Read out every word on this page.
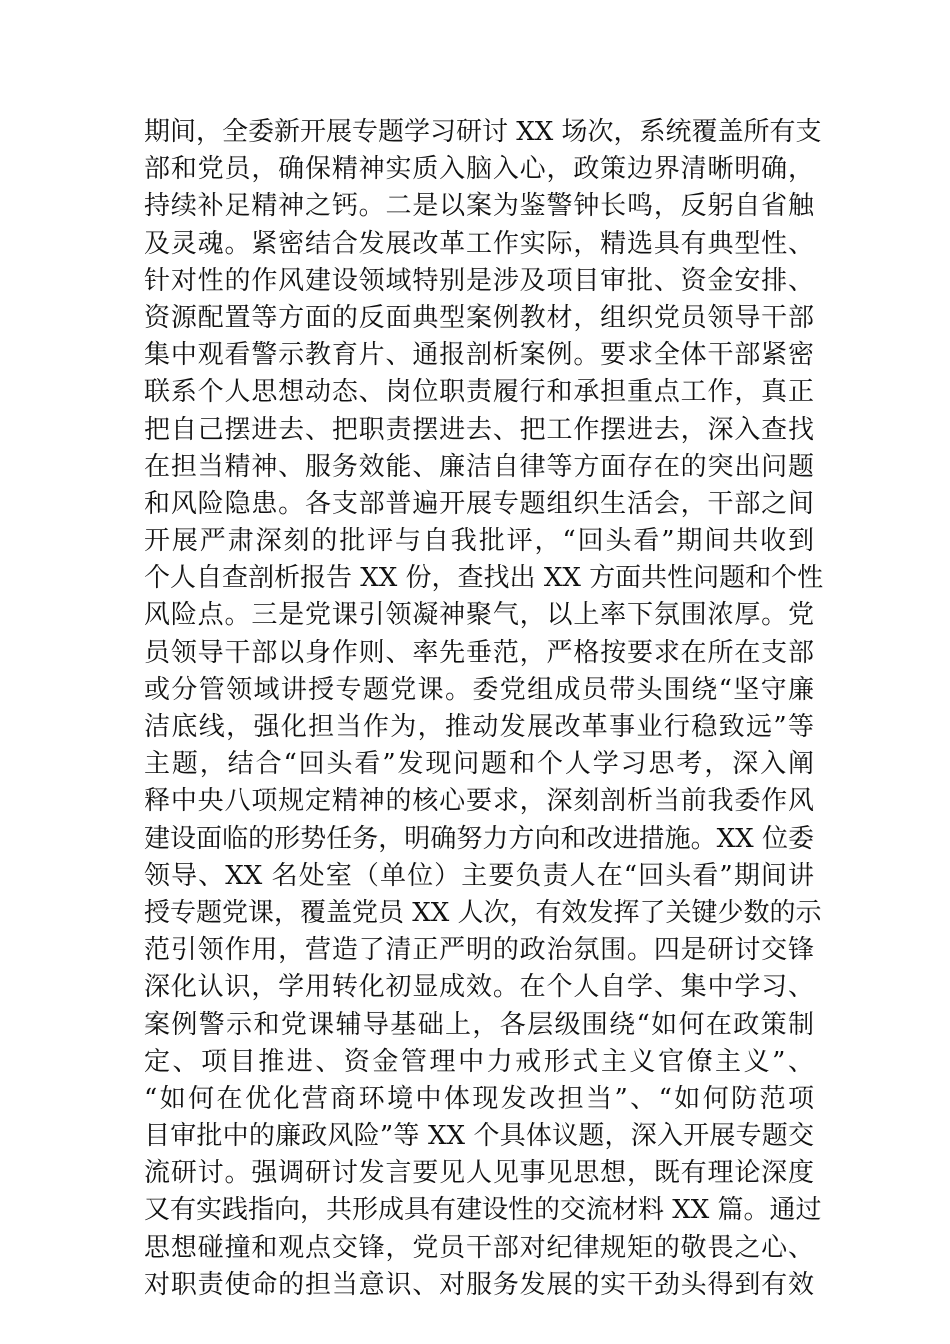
期间，全委新开展专题学习研讨 XX 场次，系统覆盖所有支
部和党员，确保精神实质入脑入心，政策边界清晰明确，
持续补足精神之钙。二是以案为鉴警钟长鸣，反躬自省触
及灵魂。紧密结合发展改革工作实际，精选具有典型性、
针对性的作风建设领域特别是涉及项目审批、资金安排、
资源配置等方面的反面典型案例教材，组织党员领导干部
集中观看警示教育片、通报剖析案例。要求全体干部紧密
联系个人思想动态、岗位职责履行和承担重点工作，真正
把自己摆进去、把职责摆进去、把工作摆进去，深入查找
在担当精神、服务效能、廉洁自律等方面存在的突出问题
和风险隐患。各支部普遍开展专题组织生活会，干部之间
开展严肃深刻的批评与自我批评，“回头看”期间共收到
个人自查剖析报告 XX 份，查找出 XX 方面共性问题和个性
风险点。三是党课引领凝神聚气，以上率下氛围浓厚。党
员领导干部以身作则、率先垂范，严格按要求在所在支部
或分管领域讲授专题党课。委党组成员带头围绕“坚守廉
洁底线，强化担当作为，推动发展改革事业行稳致远”等
主题，结合“回头看”发现问题和个人学习思考，深入阐
释中央八项规定精神的核心要求，深刻剖析当前我委作风
建设面临的形势任务，明确努力方向和改进措施。XX 位委
领导、XX 名处室（单位）主要负责人在“回头看”期间讲
授专题党课，覆盖党员 XX 人次，有效发挥了关键少数的示
范引领作用，营造了清正严明的政治氛围。四是研讨交锋
深化认识，学用转化初显成效。在个人自学、集中学习、
案例警示和党课辅导基础上，各层级围绕“如何在政策制
定、项目推进、资金管理中力戒形式主义官僚主义”、
“如何在优化营商环境中体现发改担当”、“如何防范项
目审批中的廉政风险”等 XX 个具体议题，深入开展专题交
流研讨。强调研讨发言要见人见事见思想，既有理论深度
又有实践指向，共形成具有建设性的交流材料 XX 篇。通过
思想碰撞和观点交锋，党员干部对纪律规矩的敬畏之心、
对职责使命的担当意识、对服务发展的实干劲头得到有效
